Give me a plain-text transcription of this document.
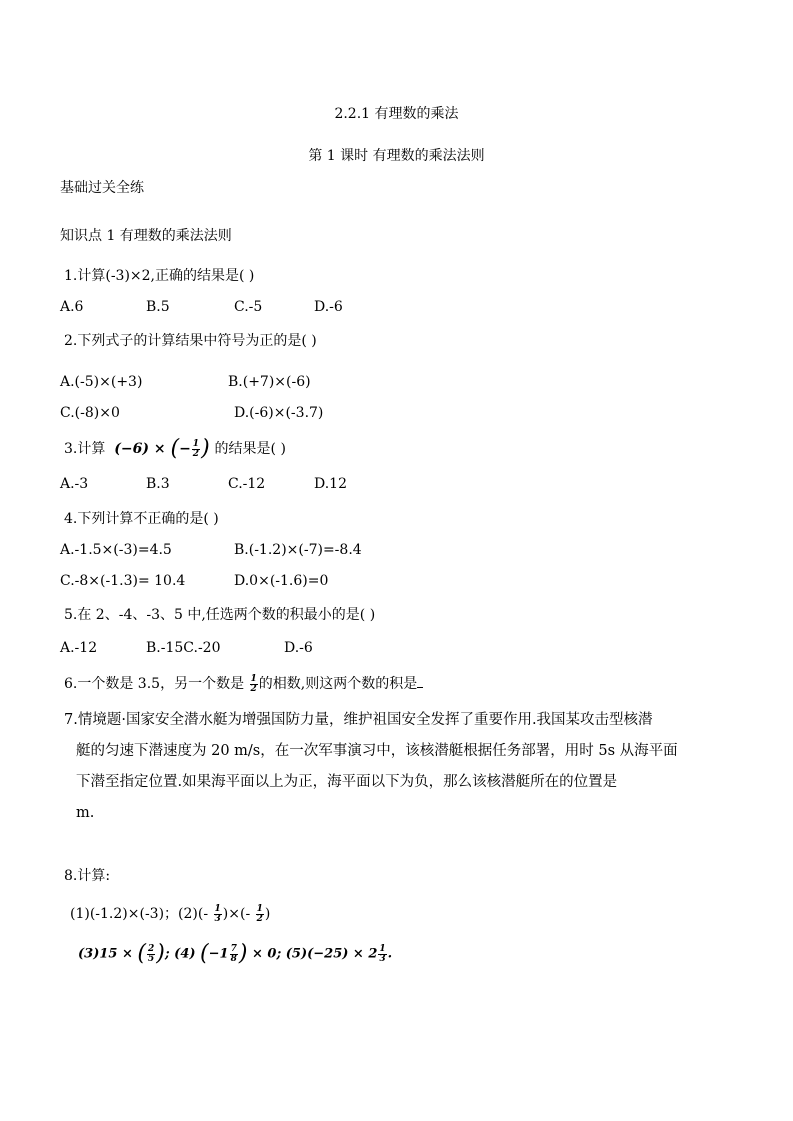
2.2.1 有理数的乘法
第 1 课时 有理数的乘法法则
基础过关全练
知识点 1 有理数的乘法法则
1.计算(-3)×2,正确的结果是( )
A.6	B.5	C.-5	D.-6
2.下列式子的计算结果中符号为正的是( )
A.(-5)×(+3)	B.(+7)×(-6)
C.(-8)×0	D.(-6)×(-3.7)
3.计算 (−6) × (− $\frac{1}{2}$ ) 的结果是( )
A.-3	B.3	C.-12	D.12
4.下列计算不正确的是( )
A.-1.5×(-3)=4.5	B.(-1.2)×(-7)=-8.4
C.-8×(-1.3)= 10.4	D.0×(-1.6)=0
5.在 2、-4、-3、5 中,任选两个数的积最小的是( )
A.-12	B.-15C.-20	D.-6
6.一个数是 3.5，另一个数是 $\frac{1}{2}$ 的相数,则这两个数的积是
7.情境题·国家安全潜水艇为增强国防力量，维护祖国安全发挥了重要作用.我国某攻击型核潜
艇的匀速下潜速度为 20 m/s，在一次军事演习中，该核潜艇根据任务部署，用时 5s 从海平面
下潜至指定位置.如果海平面以上为正，海平面以下为负，那么该核潜艇所在的位置是
m.
8.计算:
(1)(-1.2)×(-3)；$(2)(- \frac{1}{3}$ )×(- $\frac{1}{2}$ )
(3)15 × ( $\frac{2}{5}$ ); (4) ($-1 \frac{7}{8}$ ) × 0; $(5)(-25) \times 2 \frac{1}{3}$ .
